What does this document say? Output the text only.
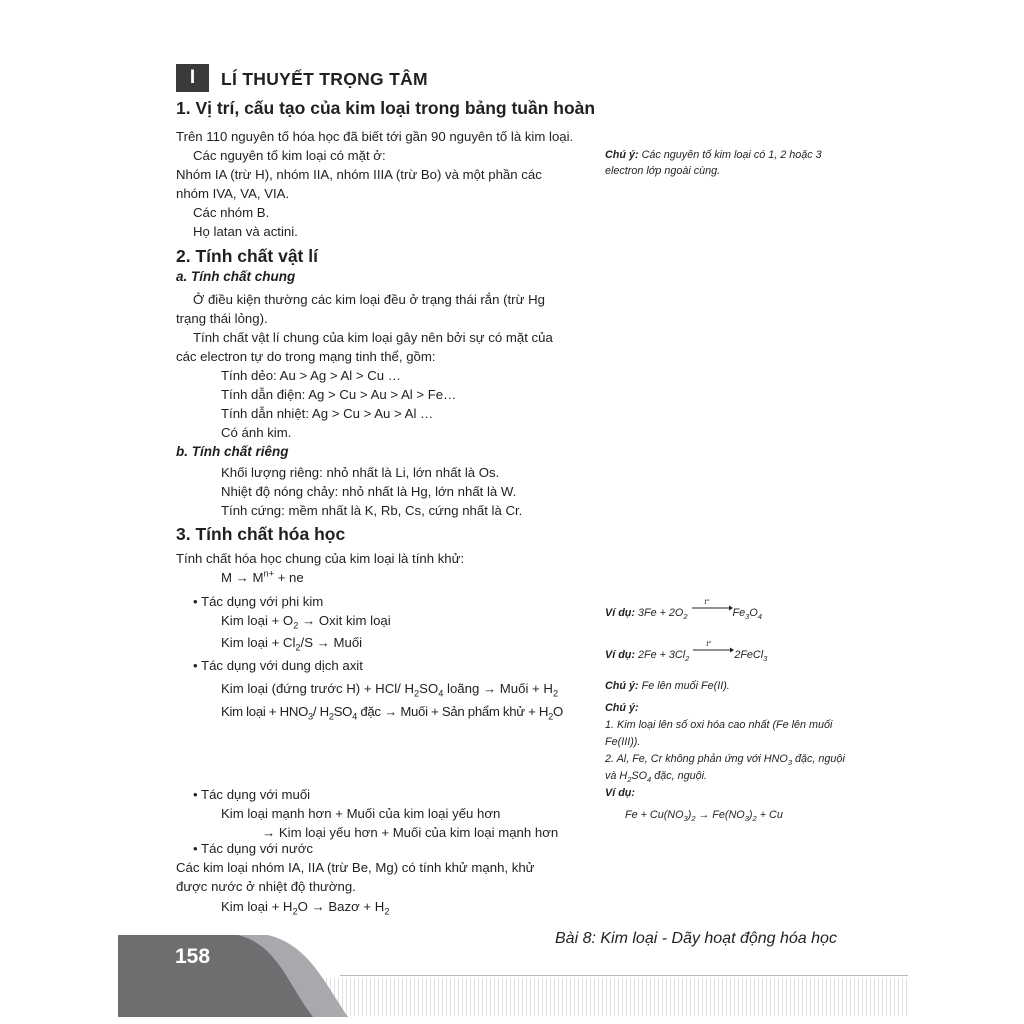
I	LÍ THUYẾT TRỌNG TÂM
1. Vị trí, cấu tạo của kim loại trong bảng tuần hoàn
Trên 110 nguyên tố hóa học đã biết tới gần 90 nguyên tố là kim loại.
Các nguyên tố kim loại có mặt ở:
Nhóm IA (trừ H), nhóm IIA, nhóm IIIA (trừ Bo) và một phần các
nhóm IVA, VA, VIA.
Các nhóm B.
Họ latan và actini.
2. Tính chất vật lí
a. Tính chất chung
Ở điều kiện thường các kim loại đều ở trạng thái rắn (trừ Hg
trạng thái lỏng).
Tính chất vật lí chung của kim loại gây nên bởi sự có mặt của
các electron tự do trong mạng tinh thể, gồm:
Tính dẻo: Au > Ag > Al > Cu …
Tính dẫn điện: Ag > Cu > Au > Al > Fe…
Tính dẫn nhiệt: Ag > Cu > Au > Al …
Có ánh kim.
b. Tính chất riêng
Khối lượng riêng: nhỏ nhất là Li, lớn nhất là Os.
Nhiệt độ nóng chảy: nhỏ nhất là Hg, lớn nhất là W.
Tính cứng: mềm nhất là K, Rb, Cs, cứng nhất là Cr.
3. Tính chất hóa học
Tính chất hóa học chung của kim loại là tính khử:
$M \to M^{n+}$ + ne
• Tác dụng với phi kim
Kim loại + $O_2$ → Oxit kim loại
Kim loại + $Cl_2/S$ → Muối
• Tác dụng với dung dịch axit
Kim loại (đứng trước H) + HCl/ $H_2SO_4$ loãng → Muối + $H_2$
Kim loại + $HNO_3/$ $H_2SO_4$ đặc → Muối + Sản phẩm khử + $H_2O$
• Tác dụng với muối
Kim loại mạnh hơn + Muối của kim loại yếu hơn
→ Kim loại yếu hơn + Muối của kim loại mạnh hơn
• Tác dụng với nước
Các kim loại nhóm IA, IIA (trừ Be, Mg) có tính khử mạnh, khử
được nước ở nhiệt độ thường.
Kim loại + $H_2O$ → Bazơ + $H_2$
Chú ý: Các nguyên tố kim loại có 1, 2 hoặc 3
electron lớp ngoài cùng.
Ví dụ: $3Fe + 2O_2$
t°
$Fe_3O_4$
Ví dụ: $2Fe + 3Cl_2$
t°
2FeCl$_3$
Chú ý: Fe lên muối Fe(II).
Chú ý:
1. Kim loại lên số oxi hóa cao nhất (Fe lên muối
Fe(III)).
2. Al, Fe, Cr không phản ứng với $HNO_3$ đặc, nguội
và $H_2SO_4$ đặc, nguội.
Ví dụ:
$Fe + Cu(NO_3)_2 \to Fe(NO_3)_2 + Cu$
158
Bài 8: Kim loại - Dãy hoạt động hóa học
